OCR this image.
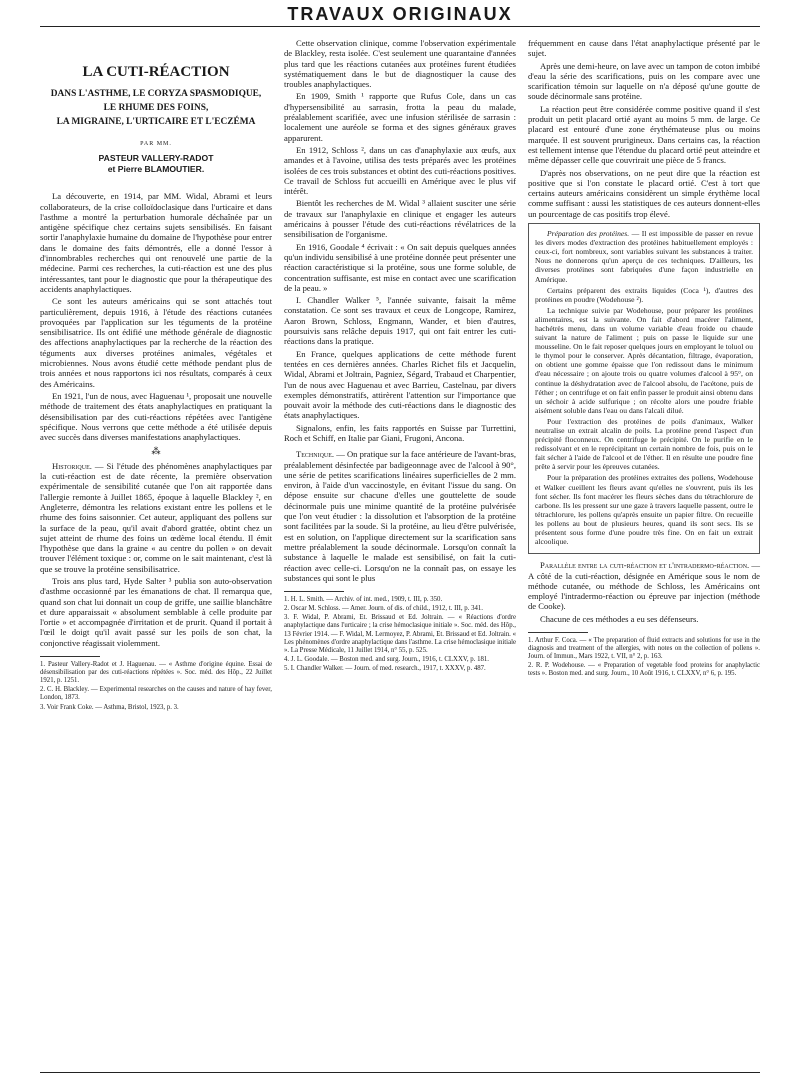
TRAVAUX ORIGINAUX
LA CUTI-RÉACTION
DANS L'ASTHME, LE CORYZA SPASMODIQUE,
LE RHUME DES FOINS,
LA MIGRAINE, L'URTICAIRE ET L'ECZÉMA
PAR MM.
PASTEUR VALLERY-RADOT
et Pierre BLAMOUTIER.

La découverte, en 1914, par MM. Widal, Abrami et leurs collaborateurs, de la crise colloïdoclasique dans l'urticaire et dans l'asthme a montré la perturbation humorale déchaînée par un antigène spécifique chez certains sujets sensibilisés. En faisant sortir l'anaphylaxie humaine du domaine de l'hypothèse pour entrer dans le domaine des faits démontrés, elle a donné l'essor à d'innombrables recherches qui ont renouvelé une partie de la médecine. Parmi ces recherches, la cuti-réaction est une des plus intéressantes, tant pour le diagnostic que pour la thérapeutique des accidents anaphylactiques.

Ce sont les auteurs américains qui se sont attachés tout particulièrement, depuis 1916, à l'étude des réactions cutanées provoquées par l'application sur les téguments de la protéine sensibilisatrice. Ils ont édifié une méthode générale de diagnostic des affections anaphylactiques par la recherche de la réaction des téguments aux diverses protéines animales, végétales et microbiennes. Nous avons étudié cette méthode pendant plus de trois années et nous rapportons ici nos résultats, comparés à ceux des Américains.

En 1921, l'un de nous, avec Haguenau ¹, proposait une nouvelle méthode de traitement des états anaphylactiques en pratiquant la désensibilisation par des cuti-réactions répétées avec l'antigène spécifique. Nous verrons que cette méthode a été utilisée depuis avec succès dans diverses manifestations anaphylactiques.

⁂

Historique. — Si l'étude des phénomènes anaphylactiques par la cuti-réaction est de date récente, la première observation expérimentale de sensibilité cutanée que l'on ait rapportée dans l'allergie remonte à Juillet 1865, époque à laquelle Blackley ², en Angleterre, démontra les relations existant entre les pollens et le rhume des foins saisonnier. Cet auteur, appliquant des pollens sur la surface de la peau, qu'il avait d'abord grattée, obtint chez un sujet atteint de rhume des foins un œdème local étendu. Il émit l'hypothèse que dans la graine « au centre du pollen » on devait trouver l'élément toxique : or, comme on le sait maintenant, c'est là que se trouve la protéine sensibilisatrice.

Trois ans plus tard, Hyde Salter ³ publia son auto-observation d'asthme occasionné par les émanations de chat. Il remarqua que, quand son chat lui donnait un coup de griffe, une saillie blanchâtre et dure apparaissait « absolument semblable à celle produite par l'ortie » et accompagnée d'irritation et de prurit. Quand il portait à l'œil le doigt qu'il avait passé sur les poils de son chat, la conjonctive réagissait violemment.

1. Pasteur Vallery-Radot et J. Haguenau. — « Asthme d'origine équine. Essai de désensibilisation par des cuti-réactions répétées ». Soc. méd. des Hôp., 22 Juillet 1921, p. 1251.

2. C. H. Blackley. — Experimental researches on the causes and nature of hay fever, London, 1873.

3. Voir Frank Coke. — Asthma, Bristol, 1923, p. 3.

Cette observation clinique, comme l'observation expérimentale de Blackley, resta isolée. C'est seulement une quarantaine d'années plus tard que les réactions cutanées aux protéines furent étudiées systématiquement dans le but de diagnostiquer la cause des troubles anaphylactiques.

En 1909, Smith ¹ rapporte que Rufus Cole, dans un cas d'hypersensibilité au sarrasin, frotta la peau du malade, préalablement scarifiée, avec une infusion stérilisée de sarrasin : localement une auréole se forma et des signes généraux graves apparurent.

En 1912, Schloss ², dans un cas d'anaphylaxie aux œufs, aux amandes et à l'avoine, utilisa des tests préparés avec les protéines isolées de ces trois substances et obtint des cuti-réactions positives. Ce travail de Schloss fut accueilli en Amérique avec le plus vif intérêt.

Bientôt les recherches de M. Widal ³ allaient susciter une série de travaux sur l'anaphylaxie en clinique et engager les auteurs américains à pousser l'étude des cuti-réactions révélatrices de la sensibilisation de l'organisme.

En 1916, Goodale ⁴ écrivait : « On sait depuis quelques années qu'un individu sensibilisé à une protéine donnée peut présenter une réaction caractéristique si la protéine, sous une forme soluble, de concentration suffisante, est mise en contact avec une scarification de la peau. »

I. Chandler Walker ⁵, l'année suivante, faisait la même constatation. Ce sont ses travaux et ceux de Longcope, Ramirez, Aaron Brown, Schloss, Engmann, Wander, et bien d'autres, poursuivis sans relâche depuis 1917, qui ont fait entrer les cuti-réactions dans la pratique.

En France, quelques applications de cette méthode furent tentées en ces dernières années. Charles Richet fils et Jacquelin, Widal, Abrami et Joltrain, Pagniez, Ségard, Trabaud et Charpentier, l'un de nous avec Haguenau et avec Barrieu, Castelnau, par divers exemples démonstratifs, attirèrent l'attention sur l'importance que pouvait avoir la méthode des cuti-réactions dans le diagnostic des états anaphylactiques.

Signalons, enfin, les faits rapportés en Suisse par Turrettini, Roch et Schiff, en Italie par Giani, Frugoni, Ancona.

Technique. — On pratique sur la face antérieure de l'avant-bras, préalablement désinfectée par badigeonnage avec de l'alcool à 90°, une série de petites scarifications linéaires superficielles de 2 mm. environ, à l'aide d'un vaccinostyle, en évitant l'issue du sang. On dépose ensuite sur chacune d'elles une gouttelette de soude décinormale puis une minime quantité de la protéine pulvérisée que l'on veut étudier : la dissolution et l'absorption de la protéine sont facilitées par la soude. Si la protéine, au lieu d'être pulvérisée, est en solution, on l'applique directement sur la scarification sans mettre préalablement la soude décinormale. Lorsqu'on connaît la substance à laquelle le malade est sensibilisé, on fait la cuti-réaction avec celle-ci. Lorsqu'on ne la connaît pas, on essaye les substances qui sont le plus

1. H. L. Smith. — Archiv. of int. med., 1909, t. III, p. 350.

2. Oscar M. Schloss. — Amer. Journ. of dis. of child., 1912, t. III, p. 341.

3. F. Widal, P. Abrami, Et. Brissaud et Ed. Joltrain. — « Réactions d'ordre anaphylactique dans l'urticaire ; la crise hémoclasique initiale ». Soc. méd. des Hôp., 13 Février 1914. — F. Widal, M. Lermoyez, P. Abrami, Et. Brissaud et Ed. Joltrain. « Les phénomènes d'ordre anaphylactique dans l'asthme. La crise hémoclasique initiale ». La Presse Médicale, 11 Juillet 1914, n° 55, p. 525.

4. J. L. Goodale. — Boston med. and surg. Journ., 1916, t. CLXXV, p. 181.

5. I. Chandler Walker. — Journ. of med. research., 1917, t. XXXV, p. 487.

fréquemment en cause dans l'état anaphylactique présenté par le sujet.

Après une demi-heure, on lave avec un tampon de coton imbibé d'eau la série des scarifications, puis on les compare avec une scarification témoin sur laquelle on n'a déposé qu'une goutte de soude décinormale sans protéine.

La réaction peut être considérée comme positive quand il s'est produit un petit placard ortié ayant au moins 5 mm. de large. Ce placard est entouré d'une zone érythémateuse plus ou moins marquée. Il est souvent prurigineux. Dans certains cas, la réaction est tellement intense que l'étendue du placard ortié peut atteindre et même dépasser celle que couvrirait une pièce de 5 francs.

D'après nos observations, on ne peut dire que la réaction est positive que si l'on constate le placard ortié. C'est à tort que certains auteurs américains considèrent un simple érythème local comme suffisant : aussi les statistiques de ces auteurs donnent-elles un pourcentage de cas positifs trop élevé.

Préparation des protéines. — Il est impossible de passer en revue les divers modes d'extraction des protéines habituellement employés : ceux-ci, fort nombreux, sont variables suivant les substances à traiter. Nous ne donnerons qu'un aperçu de ces techniques. D'ailleurs, les diverses protéines sont fabriquées d'une façon industrielle en Amérique.

Certains préparent des extraits liquides (Coca ¹), d'autres des protéines en poudre (Wodehouse ²).

La technique suivie par Wodehouse, pour préparer les protéines alimentaires, est la suivante. On fait d'abord macérer l'aliment, hachétrès menu, dans un volume variable d'eau froide ou chaude suivant la nature de l'aliment ; puis on passe le liquide sur une mousseline. On le fait reposer quelques jours en employant le toluol ou le thymol pour le conserver. Après décantation, filtrage, évaporation, on obtient une gomme épaisse que l'on redissout dans le minimum d'eau nécessaire ; on ajoute trois ou quatre volumes d'alcool à 95°, on continue la déshydratation avec de l'alcool absolu, de l'acétone, puis de l'éther ; on centrifuge et on fait enfin passer le produit ainsi obtenu dans un séchoir à acide sulfurique ; on récolte alors une poudre friable aisément soluble dans l'eau ou dans l'alcali dilué.

Pour l'extraction des protéines de poils d'animaux, Walker neutralise un extrait alcalin de poils. La protéine prend l'aspect d'un précipité floconneux. On centrifuge le précipité. On le purifie en le redissolvant et en le reprécipitant un certain nombre de fois, puis on le fait sécher à l'aide de l'alcool et de l'éther. Il en résulte une poudre fine prête à servir pour les épreuves cutanées.

Pour la préparation des protéines extraites des pollens, Wodehouse et Walker cueillent les fleurs avant qu'elles ne s'ouvrent, puis ils les font sécher. Ils font macérer les fleurs sèches dans du tétrachlorure de carbone. Ils les pressent sur une gaze à travers laquelle passent, outre le tétrachlorure, les pollens qu'après ensuite un papier filtre. On recueille les pollens au bout de plusieurs heures, quand ils sont secs. Ils se présentent sous forme d'une poudre très fine. On en fait un extrait alcoolique.

Parallèle entre la cuti-réaction et l'intradermo-réaction. — A côté de la cuti-réaction, désignée en Amérique sous le nom de méthode cutanée, ou méthode de Schloss, les Américains ont employé l'intradermo-réaction ou épreuve par injection (méthode de Cooke).

Chacune de ces méthodes a eu ses défenseurs.

1. Arthur F. Coca. — « The preparation of fluid extracts and solutions for use in the diagnosis and treatment of the allergies, with notes on the collection of pollens ». Journ. of Immun., Mars 1922, t. VII, n° 2, p. 163.

2. R. P. Wodehouse. — « Preparation of vegetable food proteins for anaphylactic tests ». Boston med. and surg. Journ., 10 Août 1916, t. CLXXV, n° 6, p. 195.
